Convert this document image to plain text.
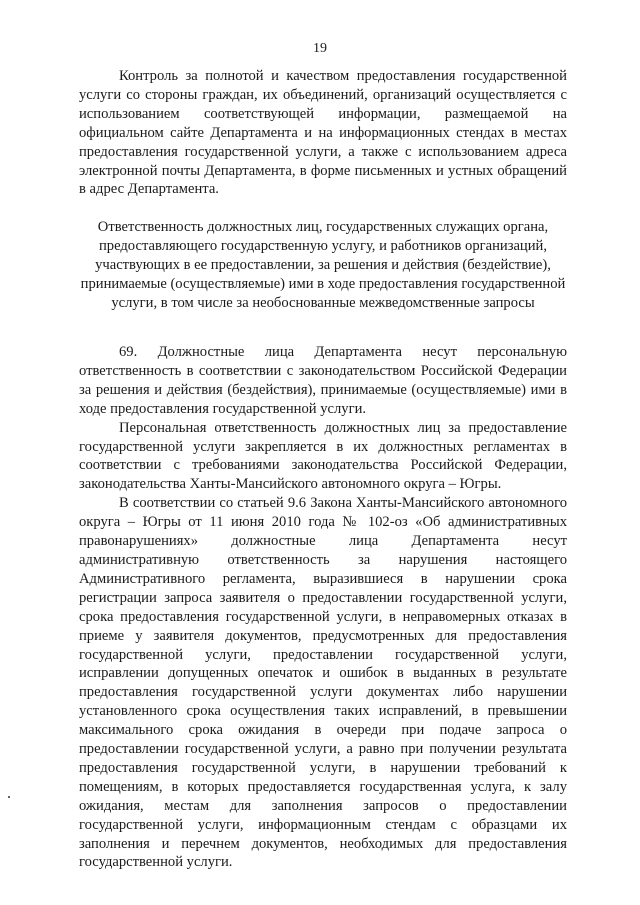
19

Контроль за полнотой и качеством предоставления государственной услуги со стороны граждан, их объединений, организаций осуществляется с использованием соответствующей информации, размещаемой на официальном сайте Департамента и на информационных стендах в местах предоставления государственной услуги, а также с использованием адреса электронной почты Департамента, в форме письменных и устных обращений в адрес Департамента.

Ответственность должностных лиц, государственных служащих органа, предоставляющего государственную услугу, и работников организаций, участвующих в ее предоставлении, за решения и действия (бездействие), принимаемые (осуществляемые) ими в ходе предоставления государственной услуги, в том числе за необоснованные межведомственные запросы

69. Должностные лица Департамента несут персональную ответственность в соответствии с законодательством Российской Федерации за решения и действия (бездействия), принимаемые (осуществляемые) ими в ходе предоставления государственной услуги.

Персональная ответственность должностных лиц за предоставление государственной услуги закрепляется в их должностных регламентах в соответствии с требованиями законодательства Российской Федерации, законодательства Ханты-Мансийского автономного округа – Югры.

В соответствии со статьей 9.6 Закона Ханты-Мансийского автономного округа – Югры от 11 июня 2010 года № 102-оз «Об административных правонарушениях» должностные лица Департамента несут административную ответственность за нарушения настоящего Административного регламента, выразившиеся в нарушении срока регистрации запроса заявителя о предоставлении государственной услуги, срока предоставления государственной услуги, в неправомерных отказах в приеме у заявителя документов, предусмотренных для предоставления государственной услуги, предоставлении государственной услуги, исправлении допущенных опечаток и ошибок в выданных в результате предоставления государственной услуги документах либо нарушении установленного срока осуществления таких исправлений, в превышении максимального срока ожидания в очереди при подаче запроса о предоставлении государственной услуги, а равно при получении результата предоставления государственной услуги, в нарушении требований к помещениям, в которых предоставляется государственная услуга, к залу ожидания, местам для заполнения запросов о предоставлении государственной услуги, информационным стендам с образцами их заполнения и перечнем документов, необходимых для предоставления государственной услуги.
